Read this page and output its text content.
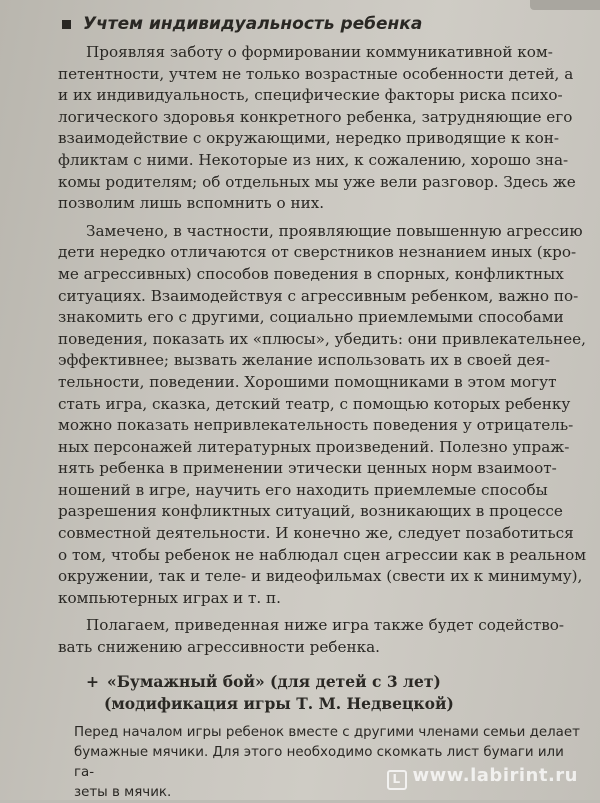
Учтем индивидуальность ребенка
Проявляя заботу о формировании коммуникативной ком-
петентности, учтем не только возрастные особенности детей, а
и их индивидуальность, специфические факторы риска психо-
логического здоровья конкретного ребенка, затрудняющие его
взаимодействие с окружающими, нередко приводящие к кон-
фликтам с ними. Некоторые из них, к сожалению, хорошо зна-
комы родителям; об отдельных мы уже вели разговор. Здесь же
позволим лишь вспомнить о них.
Замечено, в частности, проявляющие повышенную агрессию
дети нередко отличаются от сверстников незнанием иных (кро-
ме агрессивных) способов поведения в спорных, конфликтных
ситуациях. Взаимодействуя с агрессивным ребенком, важно по-
знакомить его с другими, социально приемлемыми способами
поведения, показать их «плюсы», убедить: они привлекательнее,
эффективнее; вызвать желание использовать их в своей дея-
тельности, поведении. Хорошими помощниками в этом могут
стать игра, сказка, детский театр, с помощью которых ребенку
можно показать непривлекательность поведения у отрицатель-
ных персонажей литературных произведений. Полезно упраж-
нять ребенка в применении этически ценных норм взаимоот-
ношений в игре, научить его находить приемлемые способы
разрешения конфликтных ситуаций, возникающих в процессе
совместной деятельности. И конечно же, следует позаботиться
о том, чтобы ребенок не наблюдал сцен агрессии как в реальном
окружении, так и теле- и видеофильмах (свести их к минимуму),
компьютерных играх и т. п.
Полагаем, приведенная ниже игра также будет содейство-
вать снижению агрессивности ребенка.
+ «Бумажный бой» (для детей с 3 лет)
(модификация игры Т. М. Недвецкой)
Перед началом игры ребенок вместе с другими членами семьи делает
бумажные мячики. Для этого необходимо скомкать лист бумаги или га-
зеты в мячик.
L www.labirint.ru
